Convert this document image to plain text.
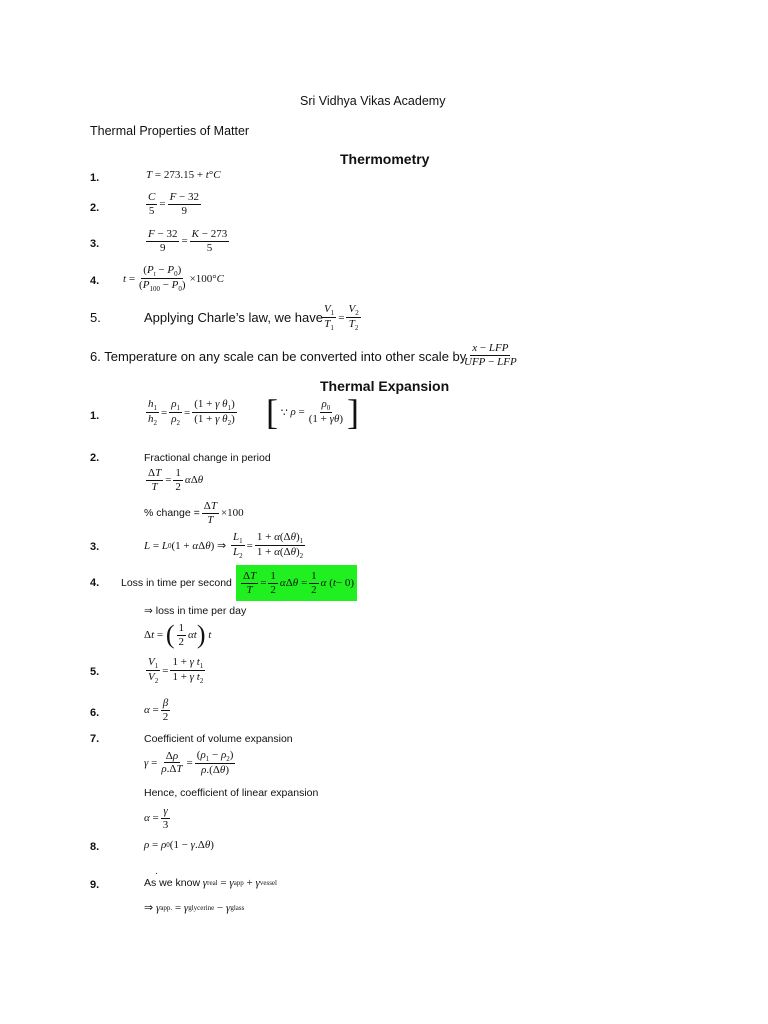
Sri Vidhya Vikas Academy
Thermal Properties of Matter
Thermometry
1.	T = 273.15 + t ° C
2.	$\frac{C}{5} = \frac{F - 32}{9}$
3.	$\frac{F - 32}{9} = \frac{K - 273}{5}$
4. $t = \frac{(P_t - P_0)}{(P_{100} - P_0)} \times 100^\circ$ C
5.	Applying Charle’s law, we have $\frac{V_1}{T_1} = \frac{V_2}{T_2}$
6. Temperature on any scale can be converted into other scale by
$\frac{\text{x − LFP}}{\text{UFP − LFP}}$
Thermal Expansion
1.	$\frac{h_1}{h_2} = \frac{\rho_1}{\rho_2} = \frac{(1 + \gamma \theta_1)}{(1 + \gamma \theta_2)}$ [ ∵ $\rho = \frac{\rho_0}{(1 + \gamma\theta)}$ ]
2.	Fractional change in period
$\frac{\Delta T}{T} = \frac{1}{2}$ α Δ θ
% change = $\frac{\Delta T}{T} \times 100$
3.	L = L 0 (1 + α Δ θ ) ⇒ $\frac{L_1}{L_2} = \frac{1 + \alpha(\Delta\theta)_1}{1 + \alpha(\Delta\theta)_2}$
4. Loss in time per second $\frac{\Delta T}{T} = \frac{1}{2}$ α Δ $\theta = \frac{1}{2}$ α ( t − 0)
⇒ loss in time per day
Δ t = ( $\frac{1}{2}$ αt )
t
5.	$\frac{V_1}{V_2} = \frac{1 + \gamma t_1}{1 + \gamma t_2}$
6.	$\alpha = \frac{\beta}{2}$
7.	Coefficient of volume expansion
$\gamma = \frac{\Delta\rho}{\rho.\Delta T} = \frac{(\rho_1 - \rho_2)}{\rho.(\Delta\theta)}$
Hence, coefficient of linear expansion
$\alpha = \frac{\gamma}{3}$
8.	ρ = ρ 0 (1 − γ .Δ θ )
.
9.	As we know
γ real = γ app + γ vessel
⇒
γ app. = γ glycerine − γ glass
